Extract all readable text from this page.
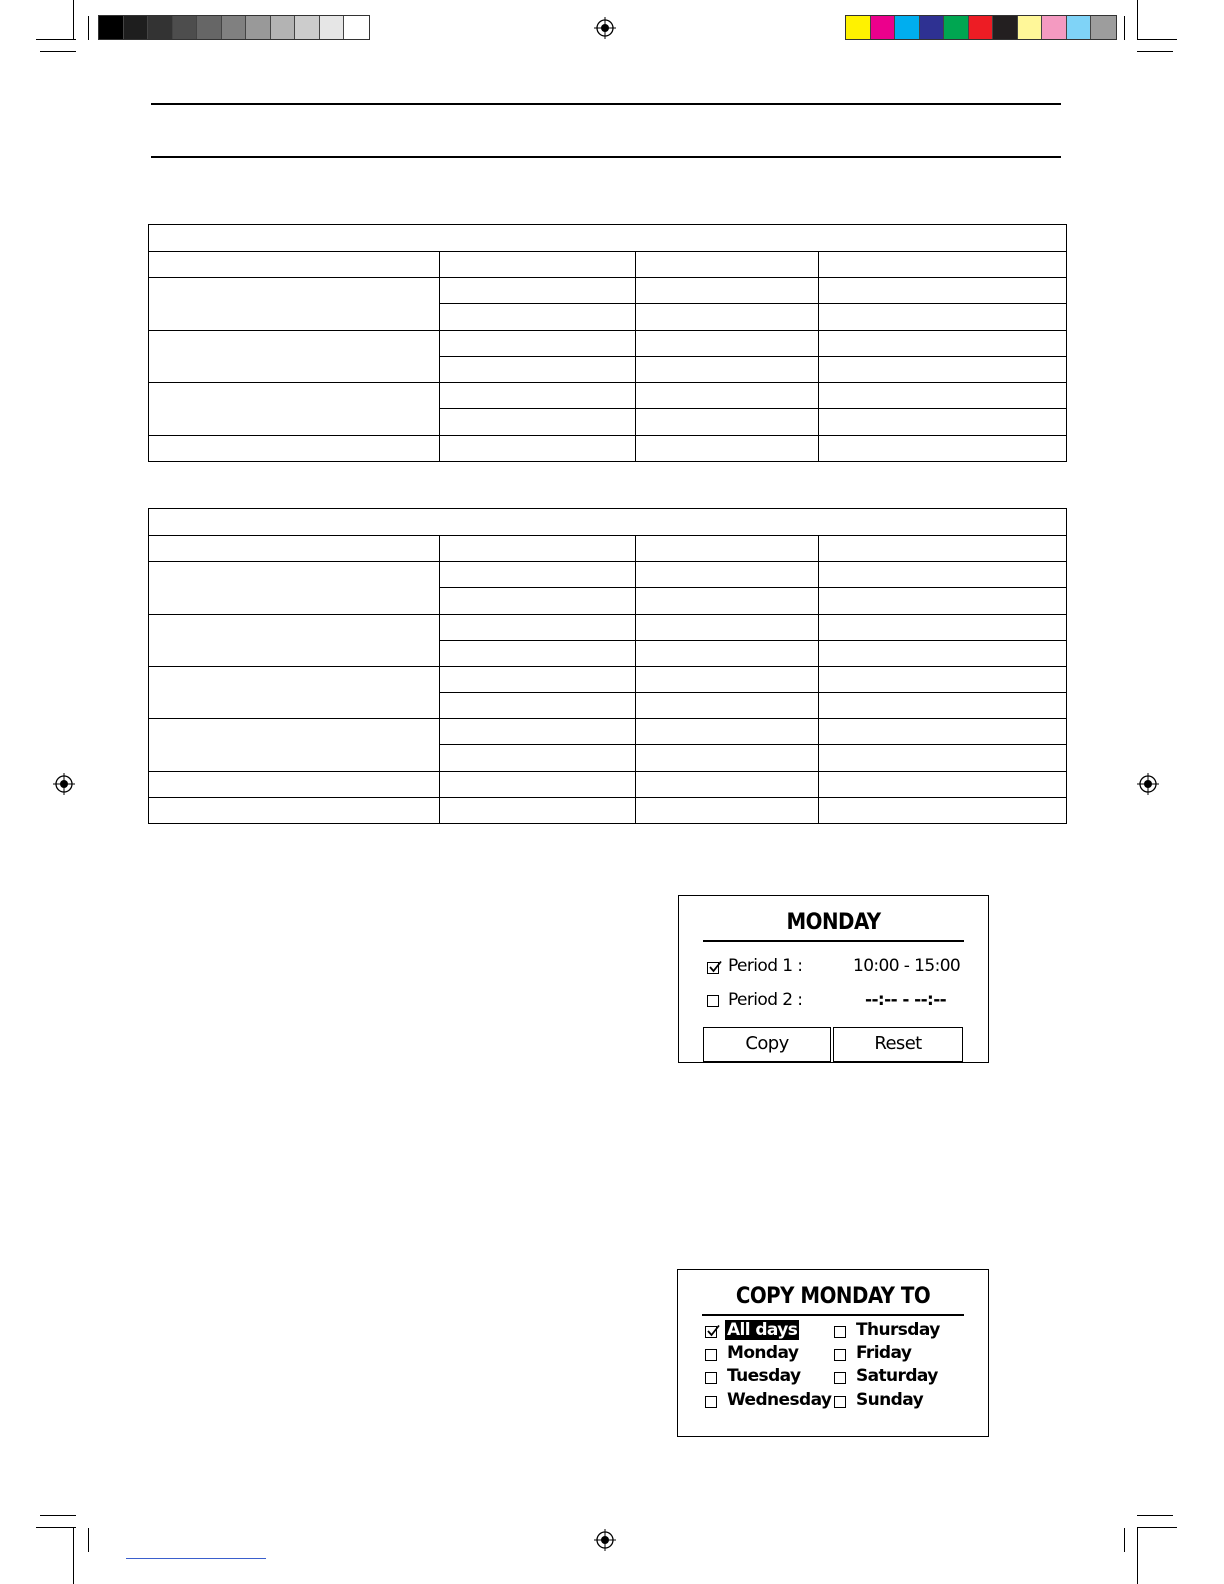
MONDAY
Period 1 :	10:00 - 15:00
Period 2 :	--:-- - --:--
Copy	Reset
COPY MONDAY TO
All days
Monday
Tuesday
Wednesday
Thursday
Friday
Saturday
Sunday
